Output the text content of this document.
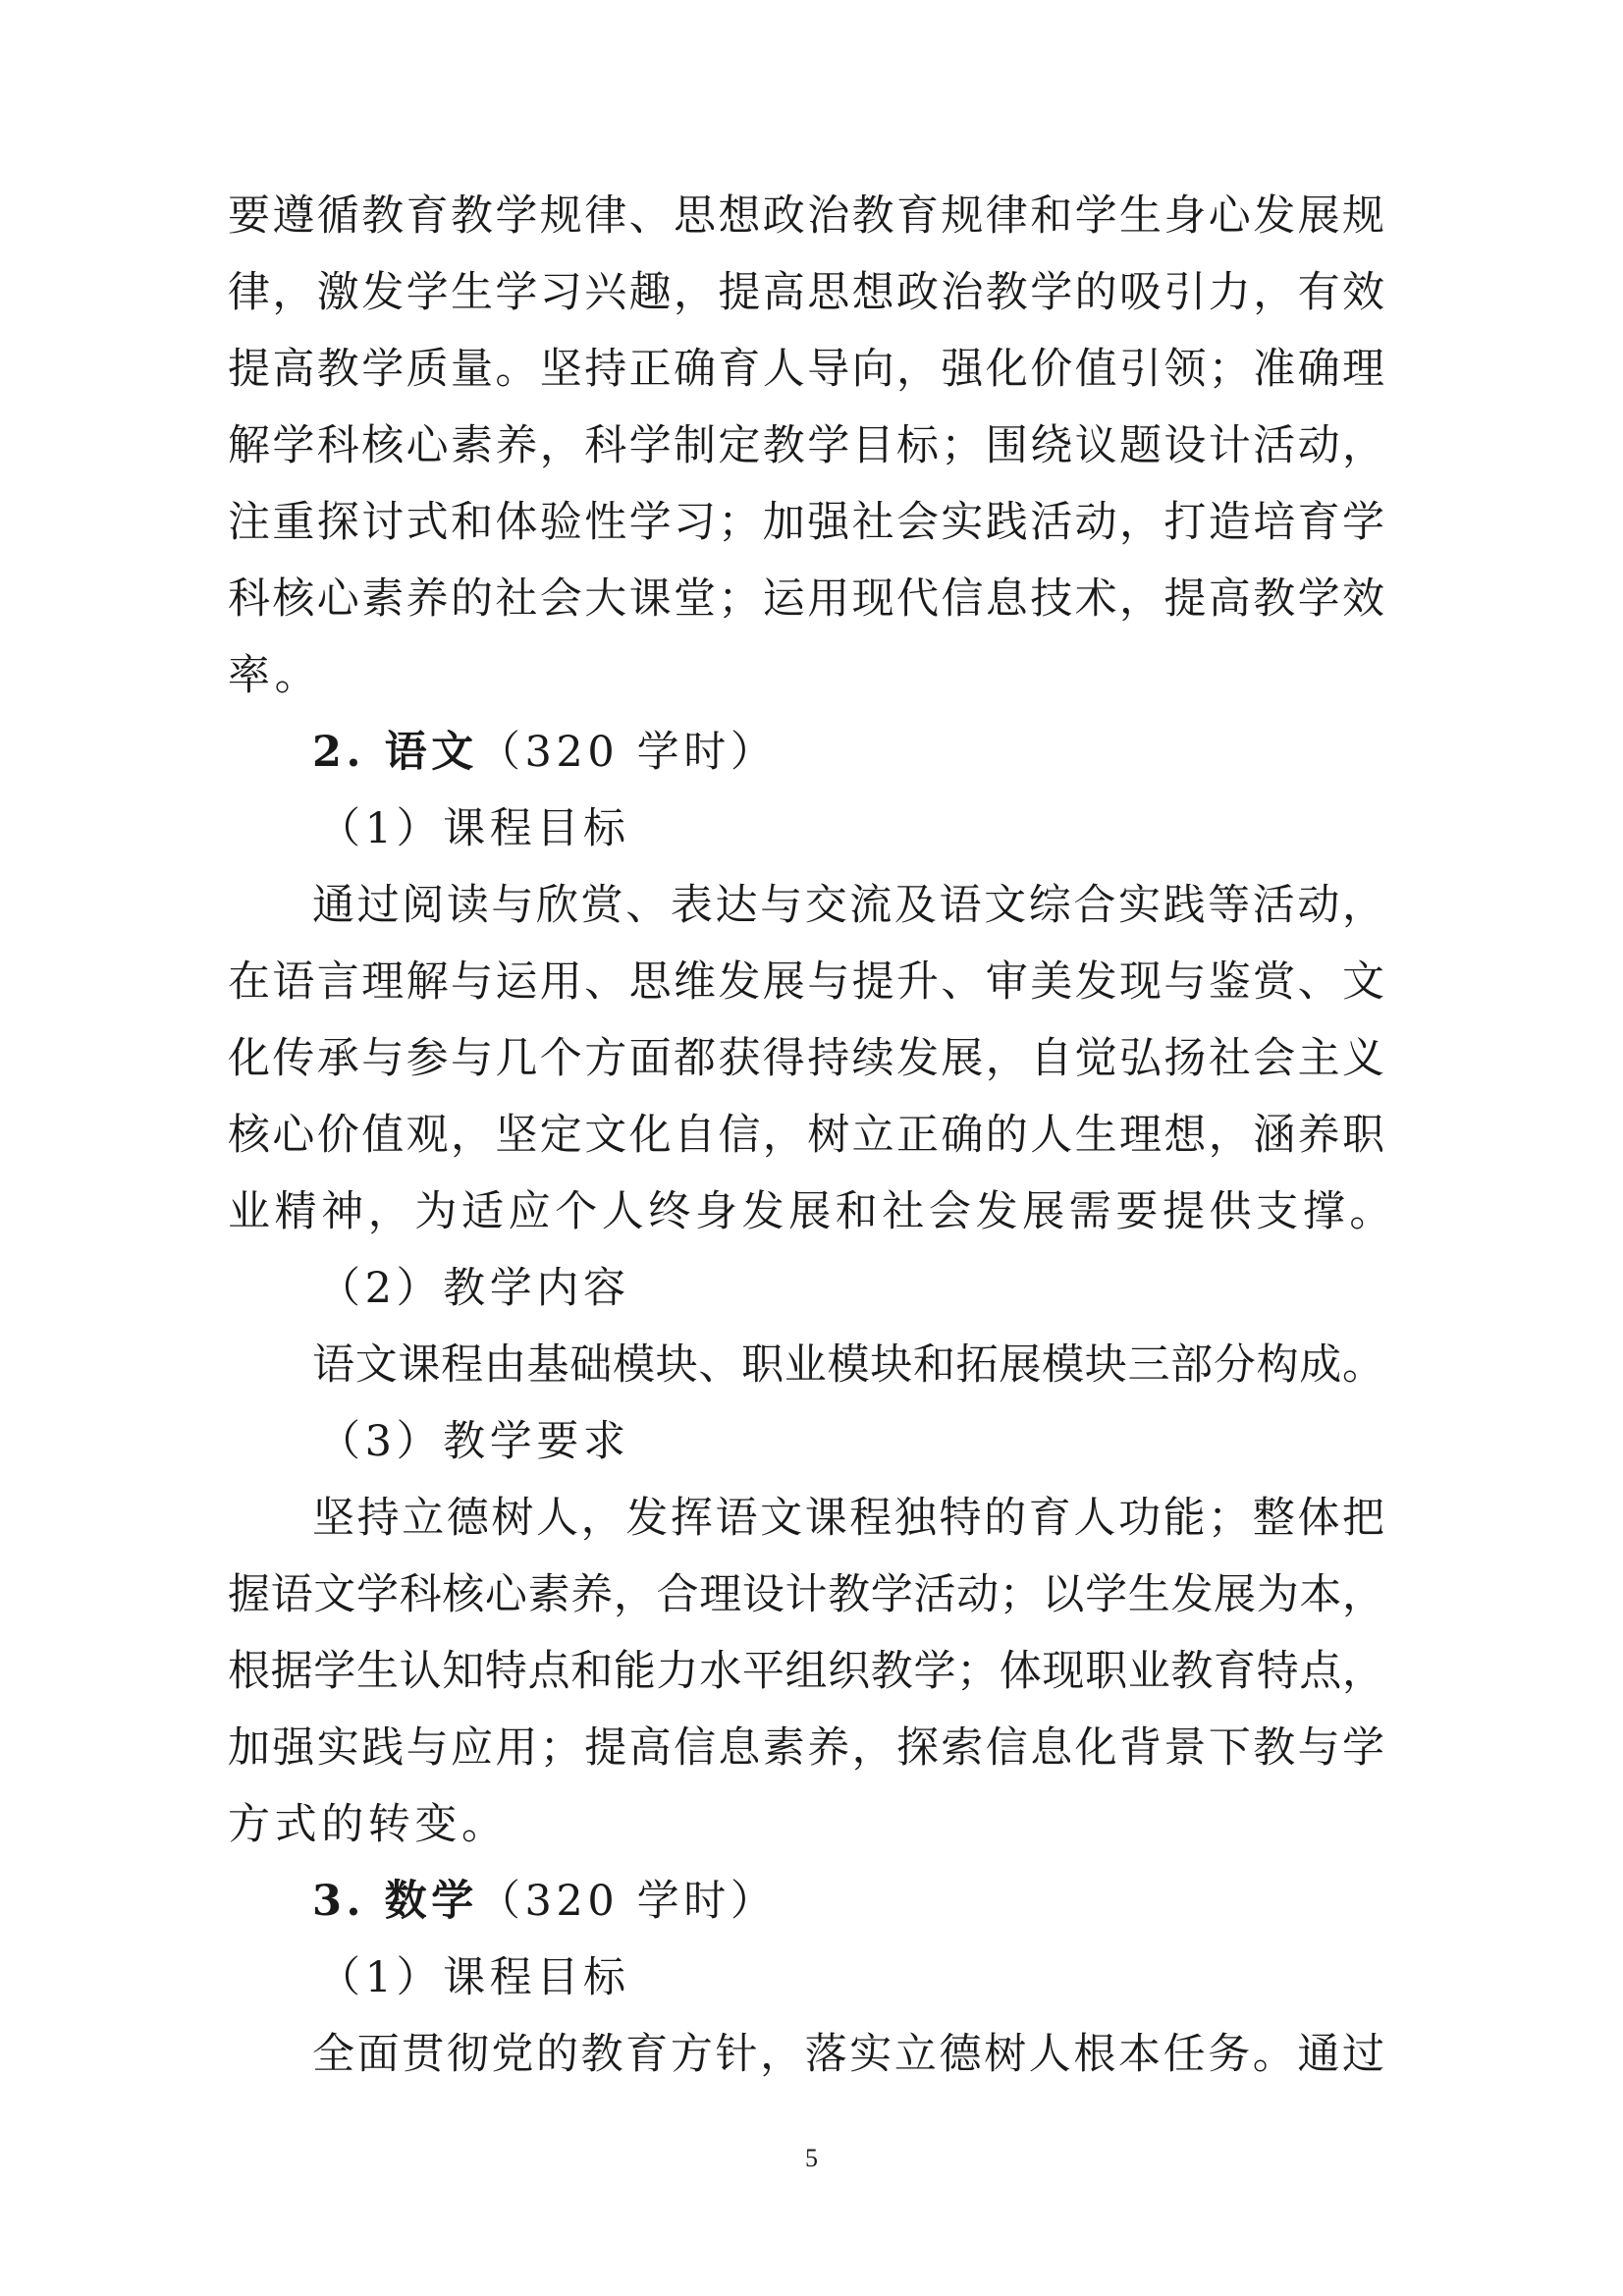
要遵循教育教学规律、思想政治教育规律和学生身心发展规
律，激发学生学习兴趣，提高思想政治教学的吸引力，有效
提高教学质量。坚持正确育人导向，强化价值引领；准确理
解学科核心素养，科学制定教学目标；围绕议题设计活动，
注重探讨式和体验性学习；加强社会实践活动，打造培育学
科核心素养的社会大课堂；运用现代信息技术，提高教学效
率。
2. 语文（320 学时）
（1）课程目标
通过阅读与欣赏、表达与交流及语文综合实践等活动，
在语言理解与运用、思维发展与提升、审美发现与鉴赏、文
化传承与参与几个方面都获得持续发展，自觉弘扬社会主义
核心价值观，坚定文化自信，树立正确的人生理想，涵养职
业精神，为适应个人终身发展和社会发展需要提供支撑。
（2）教学内容
语文课程由基础模块、职业模块和拓展模块三部分构成。
（3）教学要求
坚持立德树人，发挥语文课程独特的育人功能；整体把
握语文学科核心素养，合理设计教学活动；以学生发展为本，
根据学生认知特点和能力水平组织教学；体现职业教育特点，
加强实践与应用；提高信息素养，探索信息化背景下教与学
方式的转变。
3. 数学（320 学时）
（1）课程目标
全面贯彻党的教育方针，落实立德树人根本任务。通过
5
